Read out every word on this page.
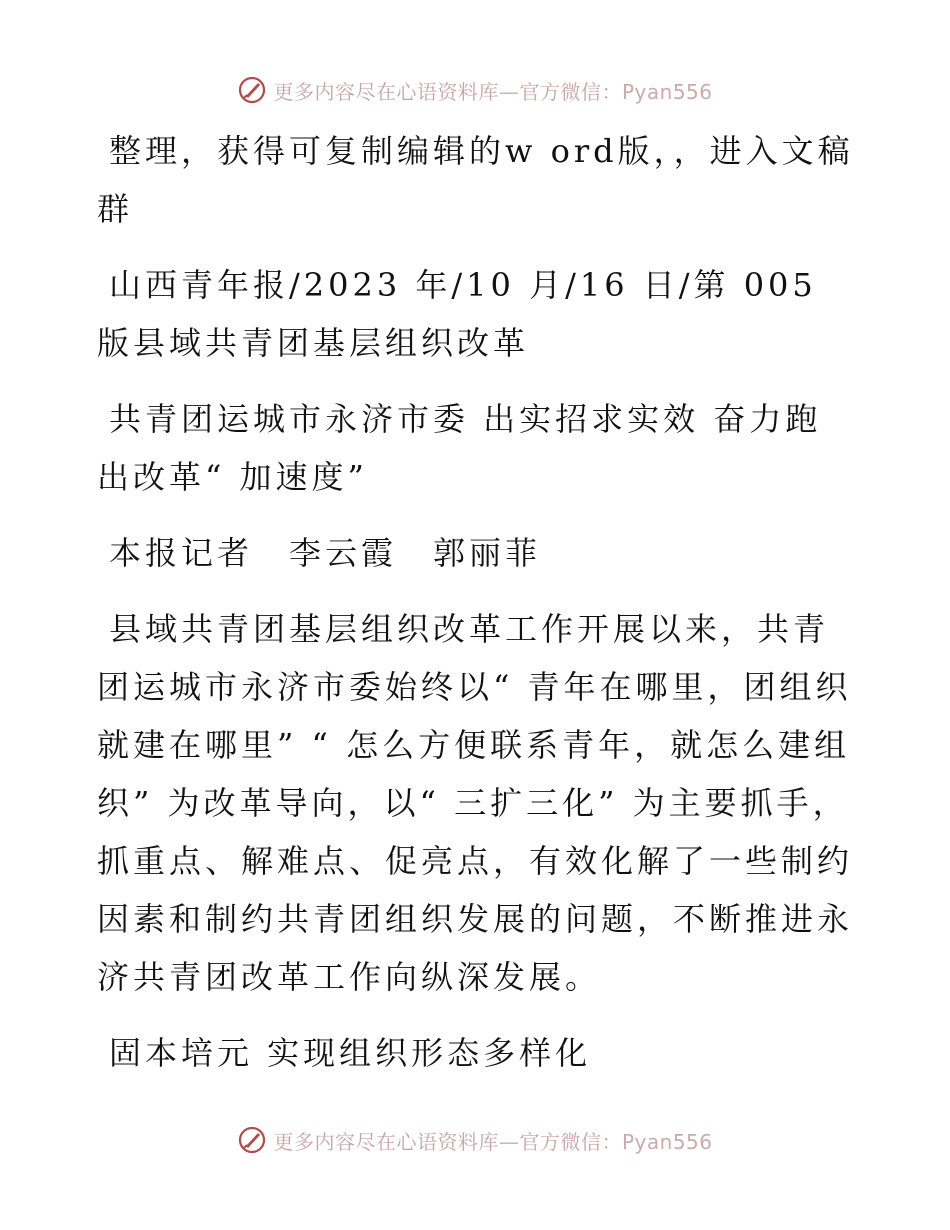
更多内容尽在心语资料库—官方微信：Pyan556

整理，获得可复制编辑的w ord版，，进入文稿群

山西青年报/2023 年/10 月/16 日/第 005 版县域共青团基层组织改革

共青团运城市永济市委 出实招求实效 奋力跑出改革“ 加速度”

本报记者　李云霞　郭丽菲

县域共青团基层组织改革工作开展以来，共青团运城市永济市委始终以“ 青年在哪里，团组织就建在哪里” “ 怎么方便联系青年，就怎么建组织” 为改革导向，以“ 三扩三化” 为主要抓手，抓重点、解难点、促亮点，有效化解了一些制约因素和制约共青团组织发展的问题，不断推进永济共青团改革工作向纵深发展。

固本培元 实现组织形态多样化

更多内容尽在心语资料库—官方微信：Pyan556
